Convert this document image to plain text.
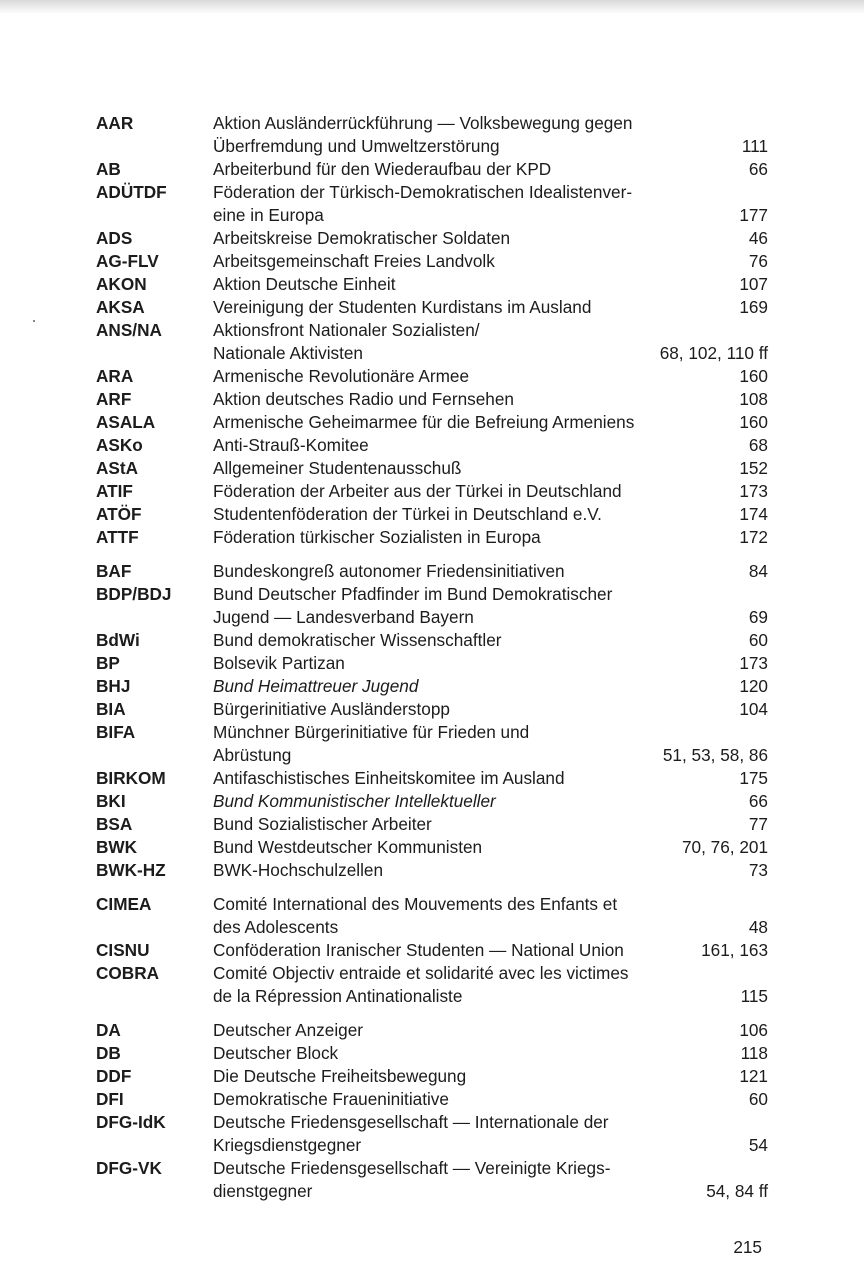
AAR	Aktion Ausländerrückführung — Volksbewegung gegen
Überfremdung und Umweltzerstörung	111
AB	Arbeiterbund für den Wiederaufbau der KPD	66
ADÜTDF	Föderation der Türkisch-Demokratischen Idealistenver-
eine in Europa	177
ADS	Arbeitskreise Demokratischer Soldaten	46
AG-FLV	Arbeitsgemeinschaft Freies Landvolk	76
AKON	Aktion Deutsche Einheit	107
AKSA	Vereinigung der Studenten Kurdistans im Ausland	169
ANS/NA	Aktionsfront Nationaler Sozialisten/
Nationale Aktivisten	68, 102, 110 ff
ARA	Armenische Revolutionäre Armee	160
ARF	Aktion deutsches Radio und Fernsehen	108
ASALA	Armenische Geheimarmee für die Befreiung Armeniens	160
ASKo	Anti-Strauß-Komitee	68
AStA	Allgemeiner Studentenausschuß	152
ATIF	Föderation der Arbeiter aus der Türkei in Deutschland	173
ATÖF	Studentenföderation der Türkei in Deutschland e.V.	174
ATTF	Föderation türkischer Sozialisten in Europa	172
BAF	Bundeskongreß autonomer Friedensinitiativen	84
BDP/BDJ	Bund Deutscher Pfadfinder im Bund Demokratischer
Jugend — Landesverband Bayern	69
BdWi	Bund demokratischer Wissenschaftler	60
BP	Bolsevik Partizan	173
BHJ	Bund Heimattreuer Jugend	120
BIA	Bürgerinitiative Ausländerstopp	104
BIFA	Münchner Bürgerinitiative für Frieden und
Abrüstung	51, 53, 58, 86
BIRKOM	Antifaschistisches Einheitskomitee im Ausland	175
BKI	Bund Kommunistischer Intellektueller	66
BSA	Bund Sozialistischer Arbeiter	77
BWK	Bund Westdeutscher Kommunisten	70, 76, 201
BWK-HZ	BWK-Hochschulzellen	73
CIMEA	Comité International des Mouvements des Enfants et
des Adolescents	48
CISNU	Conföderation Iranischer Studenten — National Union	161, 163
COBRA	Comité Objectiv entraide et solidarité avec les victimes
de la Répression Antinationaliste	115
DA	Deutscher Anzeiger	106
DB	Deutscher Block	118
DDF	Die Deutsche Freiheitsbewegung	121
DFI	Demokratische Fraueninitiative	60
DFG-IdK	Deutsche Friedensgesellschaft — Internationale der
Kriegsdienstgegner	54
DFG-VK	Deutsche Friedensgesellschaft — Vereinigte Kriegs-
dienstgegner	54, 84 ff
215
